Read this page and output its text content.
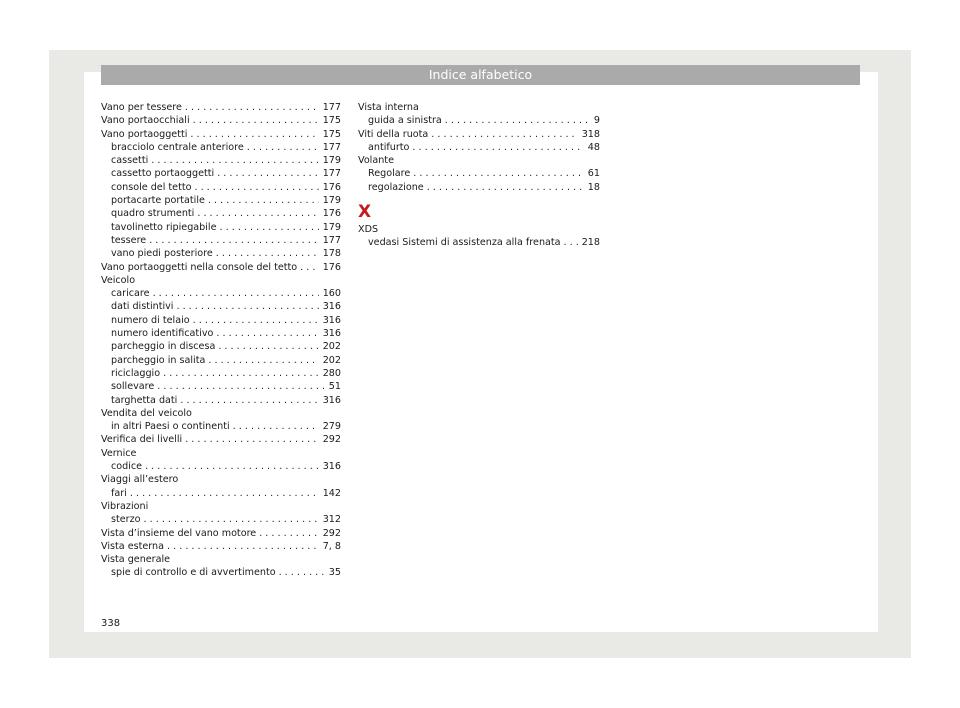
Indice alfabetico
Vano per tessere . . .	177
Vano portaocchiali . . .	175
Vano portaoggetti . . .	175
bracciolo centrale anteriore . . .	177
cassetti . . .	179
cassetto portaoggetti . . .	177
console del tetto . . .	176
portacarte portatile . . .	179
quadro strumenti . . .	176
tavolinetto ripiegabile . . .	179
tessere . . .	177
vano piedi posteriore . . .	178
Vano portaoggetti nella console del tetto . . .	176
Veicolo
caricare . . .	160
dati distintivi . . .	316
numero di telaio . . .	316
numero identificativo . . .	316
parcheggio in discesa . . .	202
parcheggio in salita . . .	202
riciclaggio . . .	280
sollevare . . .	51
targhetta dati . . .	316
Vendita del veicolo
in altri Paesi o continenti . . .	279
Verifica dei livelli . . .	292
Vernice
codice . . .	316
Viaggi all’estero
fari . . .	142
Vibrazioni
sterzo . . .	312
Vista d’insieme del vano motore . . .	292
Vista esterna . . .	7, 8
Vista generale
spie di controllo e di avvertimento . . .	35
Vista interna
guida a sinistra . . .	9
Viti della ruota . . .	318
antifurto . . .	48
Volante
Regolare . . .	61
regolazione . . .	18
X
XDS
vedasi Sistemi di assistenza alla frenata . . .	218
338
